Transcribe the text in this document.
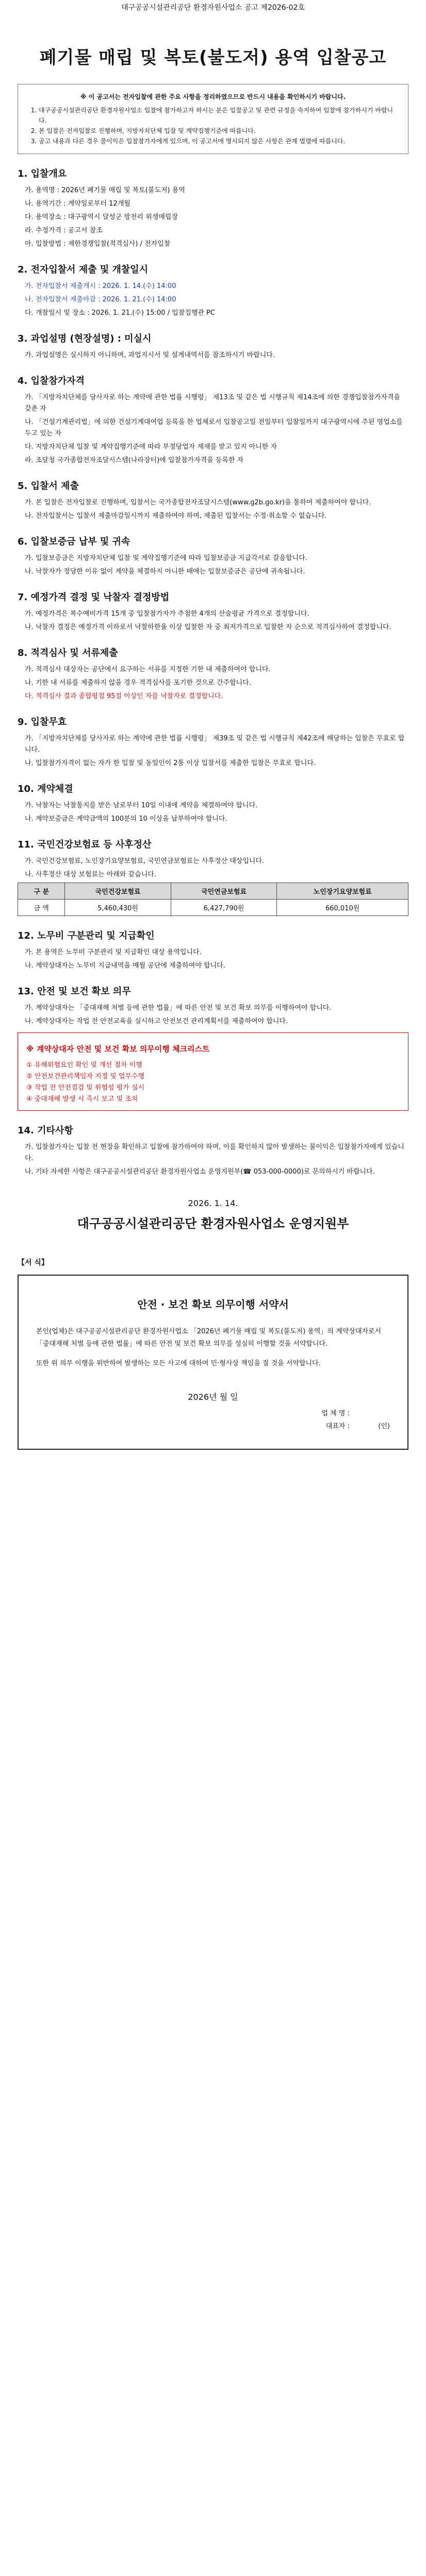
대구공공시설관리공단 환경자원사업소 공고 제2026-02호
폐기물 매립 및 복토(불도저) 용역 입찰공고
※ 이 공고서는 전자입찰에 관한 주요 사항을 정리하였으므로 반드시 내용을 확인하시기 바랍니다.
1. 대구공공시설관리공단 환경자원사업소 입찰에 참가하고자 하시는 분은 입찰공고 및 관련 규정을 숙지하여 입찰에 참가하시기 바랍니다.
2. 본 입찰은 전자입찰로 진행하며, 지방자치단체 입찰 및 계약집행기준에 따릅니다.
3. 공고 내용과 다른 경우 불이익은 입찰참가자에게 있으며, 이 공고서에 명시되지 않은 사항은 관계 법령에 따릅니다.
1. 입찰개요
가. 용역명 : 2026년 폐기물 매립 및 복토(불도저) 용역
나. 용역기간 : 계약일로부터 12개월
다. 용역장소 : 대구광역시 달성군 방천리 위생매립장
라. 추정가격 : 공고서 참조
마. 입찰방법 : 제한경쟁입찰(적격심사) / 전자입찰
2. 전자입찰서 제출 및 개찰일시
가. 전자입찰서 제출개시 : 2026. 1. 14.(수) 14:00
나. 전자입찰서 제출마감 : 2026. 1. 21.(수) 14:00
다. 개찰일시 및 장소 : 2026. 1. 21.(수) 15:00 / 입찰집행관 PC
3. 과업설명 (현장설명) : 미실시
가. 과업설명은 실시하지 아니하며, 과업지시서 및 설계내역서를 참조하시기 바랍니다.
4. 입찰참가자격
가. 「지방자치단체를 당사자로 하는 계약에 관한 법률 시행령」 제13조 및 같은 법 시행규칙 제14조에 의한 경쟁입찰참가자격을 갖춘 자
나. 「건설기계관리법」에 의한 건설기계대여업 등록을 한 업체로서 입찰공고일 전일부터 입찰일까지 대구광역시에 주된 영업소를 두고 있는 자
다. 지방자치단체 입찰 및 계약집행기준에 따라 부정당업자 제재를 받고 있지 아니한 자
라. 조달청 국가종합전자조달시스템(나라장터)에 입찰참가자격을 등록한 자
5. 입찰서 제출
가. 본 입찰은 전자입찰로 진행하며, 입찰서는 국가종합전자조달시스템(www.g2b.go.kr)을 통하여 제출하여야 합니다.
나. 전자입찰서는 입찰서 제출마감일시까지 제출하여야 하며, 제출된 입찰서는 수정·취소할 수 없습니다.
6. 입찰보증금 납부 및 귀속
가. 입찰보증금은 지방자치단체 입찰 및 계약집행기준에 따라 입찰보증금 지급각서로 갈음합니다.
나. 낙찰자가 정당한 이유 없이 계약을 체결하지 아니한 때에는 입찰보증금은 공단에 귀속됩니다.
7. 예정가격 결정 및 낙찰자 결정방법
가. 예정가격은 복수예비가격 15개 중 입찰참가자가 추첨한 4개의 산술평균 가격으로 결정합니다.
나. 낙찰자 결정은 예정가격 이하로서 낙찰하한율 이상 입찰한 자 중 최저가격으로 입찰한 자 순으로 적격심사하여 결정합니다.
8. 적격심사 및 서류제출
가. 적격심사 대상자는 공단에서 요구하는 서류를 지정한 기한 내 제출하여야 합니다.
나. 기한 내 서류를 제출하지 않을 경우 적격심사를 포기한 것으로 간주합니다.
다. 적격심사 결과 종합평점 95점 이상인 자를 낙찰자로 결정합니다.
9. 입찰무효
가. 「지방자치단체를 당사자로 하는 계약에 관한 법률 시행령」 제39조 및 같은 법 시행규칙 제42조에 해당하는 입찰은 무효로 합니다.
나. 입찰참가자격이 없는 자가 한 입찰 및 동일인이 2통 이상 입찰서를 제출한 입찰은 무효로 합니다.
10. 계약체결
가. 낙찰자는 낙찰통지를 받은 날로부터 10일 이내에 계약을 체결하여야 합니다.
나. 계약보증금은 계약금액의 100분의 10 이상을 납부하여야 합니다.
11. 국민건강보험료 등 사후정산
가. 국민건강보험료, 노인장기요양보험료, 국민연금보험료는 사후정산 대상입니다.
나. 사후정산 대상 보험료는 아래와 같습니다.
구 분	국민건강보험료	국민연금보험료	노인장기요양보험료
금 액	5,460,430원	6,427,790원	660,010원
12. 노무비 구분관리 및 지급확인
가. 본 용역은 노무비 구분관리 및 지급확인 대상 용역입니다.
나. 계약상대자는 노무비 지급내역을 매월 공단에 제출하여야 합니다.
13. 안전 및 보건 확보 의무
가. 계약상대자는 「중대재해 처벌 등에 관한 법률」에 따른 안전 및 보건 확보 의무를 이행하여야 합니다.
나. 계약상대자는 작업 전 안전교육을 실시하고 안전보건 관리계획서를 제출하여야 합니다.
※ 계약상대자 안전 및 보건 확보 의무이행 체크리스트
① 유해위험요인 확인 및 개선 절차 이행
② 안전보건관리책임자 지정 및 업무수행
③ 작업 전 안전점검 및 위험성 평가 실시
④ 중대재해 발생 시 즉시 보고 및 조치
14. 기타사항
가. 입찰참가자는 입찰 전 현장을 확인하고 입찰에 참가하여야 하며, 이를 확인하지 않아 발생하는 불이익은 입찰참가자에게 있습니다.
나. 기타 자세한 사항은 대구공공시설관리공단 환경자원사업소 운영지원부(☎ 053-000-0000)로 문의하시기 바랍니다.
2026. 1. 14.
대구공공시설관리공단 환경자원사업소 운영지원부
【서 식】
안전 · 보건 확보 의무이행 서약서
본인(업체)은 대구공공시설관리공단 환경자원사업소 「2026년 폐기물 매립 및 복토(불도저) 용역」의 계약상대자로서 「중대재해 처벌 등에 관한 법률」에 따른 안전 및 보건 확보 의무를 성실히 이행할 것을 서약합니다.
또한 위 의무 이행을 위반하여 발생하는 모든 사고에 대하여 민·형사상 책임을 질 것을 서약합니다.
2026년 월 일
업 체 명 :
대표자 :	(인)
